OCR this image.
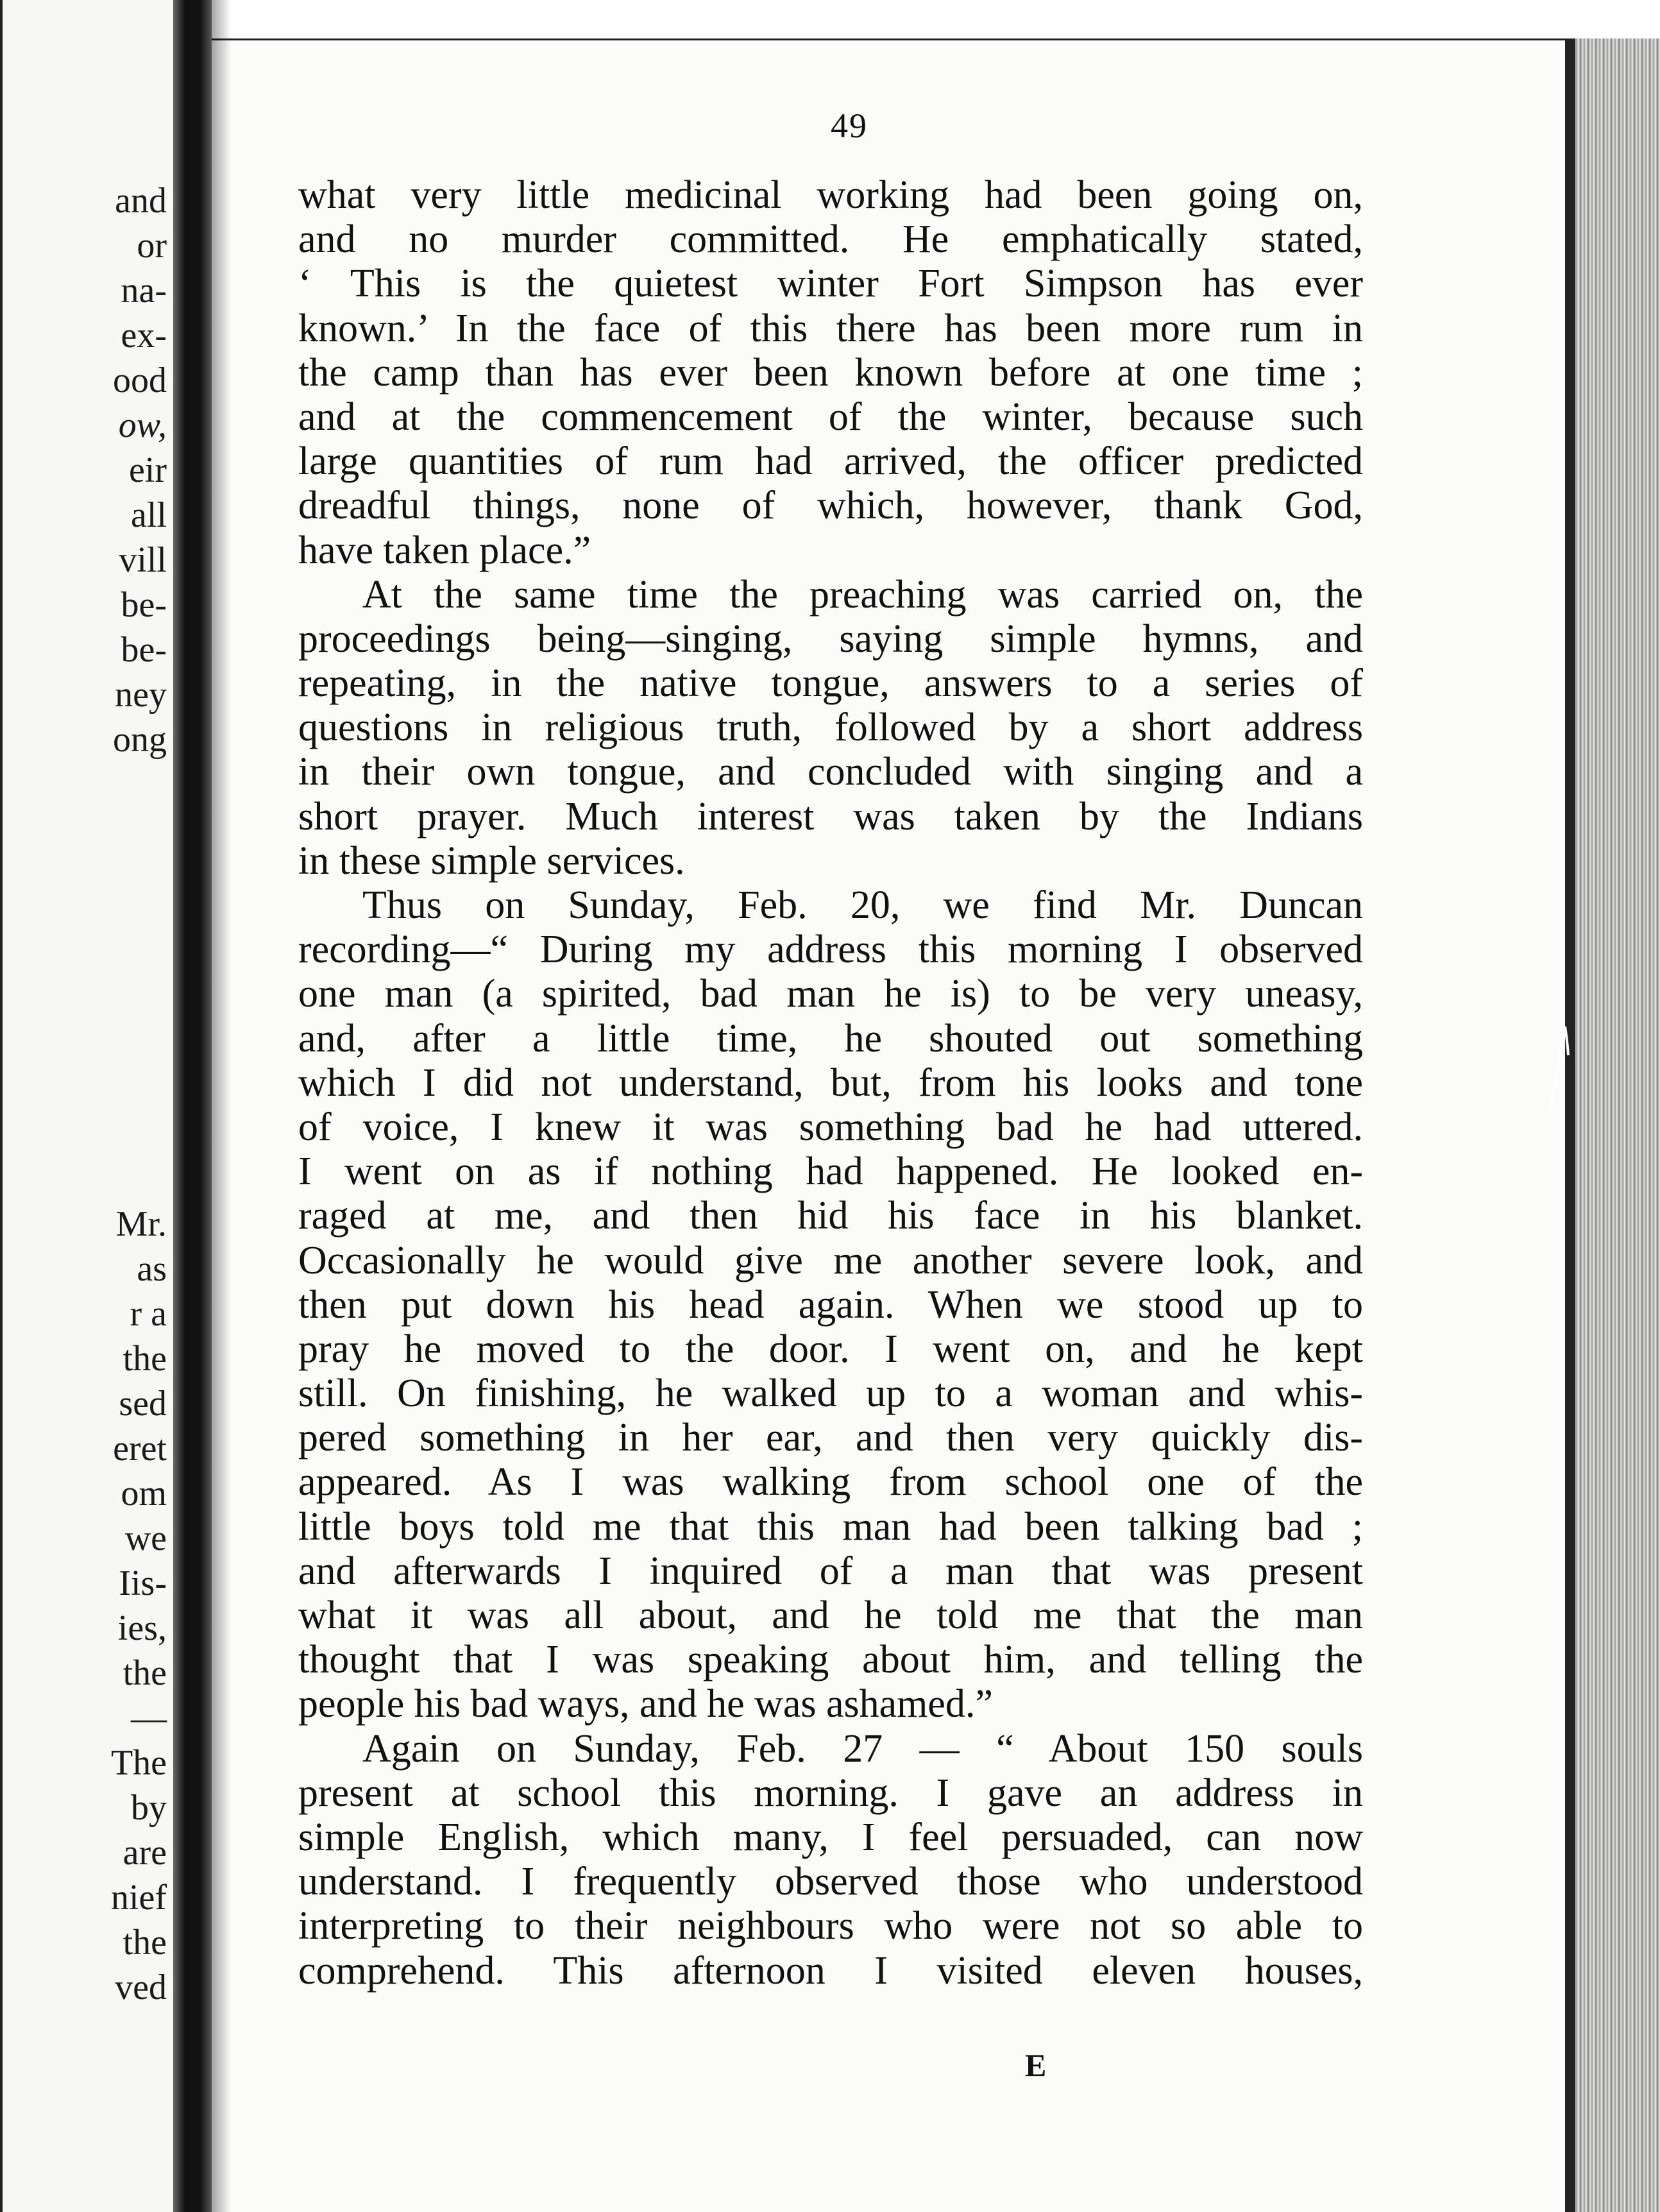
and
or
na-
ex-
ood
ow,
eir
all
vill
be-
be-
ney
ong
Mr.
as
r a
the
sed
eret
om
we
Iis-
ies,
the
—
The
by
are
nief
the
ved
49
what very little medicinal working had been going on,
and no murder committed. He emphatically stated,
‘ This is the quietest winter Fort Simpson has ever
known.’ In the face of this there has been more rum in
the camp than has ever been known before at one time ;
and at the commencement of the winter, because such
large quantities of rum had arrived, the officer predicted
dreadful things, none of which, however, thank God,
have taken place.”
At the same time the preaching was carried on, the
proceedings being—singing, saying simple hymns, and
repeating, in the native tongue, answers to a series of
questions in religious truth, followed by a short address
in their own tongue, and concluded with singing and a
short prayer. Much interest was taken by the Indians
in these simple services.
Thus on Sunday, Feb. 20, we find Mr. Duncan
recording—“ During my address this morning I observed
one man (a spirited, bad man he is) to be very uneasy,
and, after a little time, he shouted out something
which I did not understand, but, from his looks and tone
of voice, I knew it was something bad he had uttered.
I went on as if nothing had happened. He looked en-
raged at me, and then hid his face in his blanket.
Occasionally he would give me another severe look, and
then put down his head again. When we stood up to
pray he moved to the door. I went on, and he kept
still. On finishing, he walked up to a woman and whis-
pered something in her ear, and then very quickly dis-
appeared. As I was walking from school one of the
little boys told me that this man had been talking bad ;
and afterwards I inquired of a man that was present
what it was all about, and he told me that the man
thought that I was speaking about him, and telling the
people his bad ways, and he was ashamed.”
Again on Sunday, Feb. 27 — “ About 150 souls
present at school this morning. I gave an address in
simple English, which many, I feel persuaded, can now
understand. I frequently observed those who understood
interpreting to their neighbours who were not so able to
comprehend. This afternoon I visited eleven houses,
E
